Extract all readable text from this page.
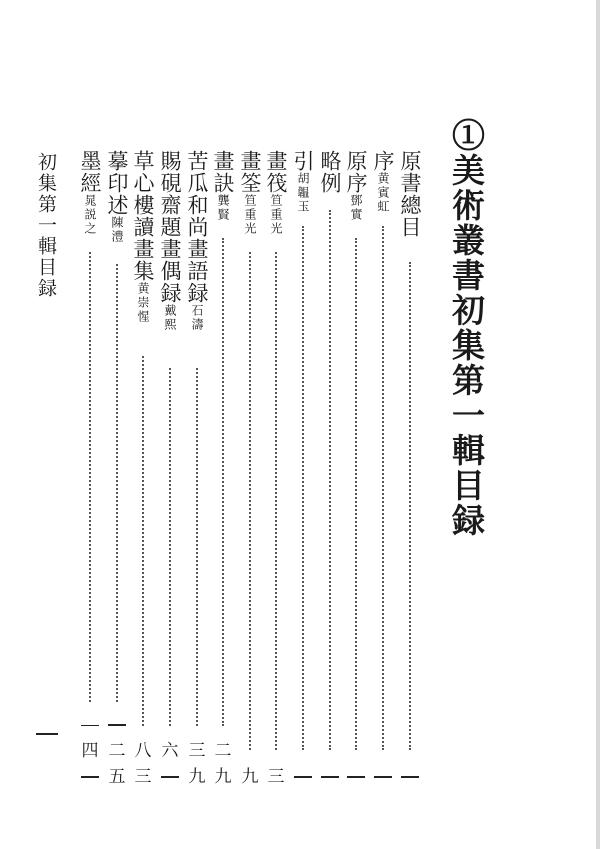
①美術叢書初集第一輯目録
初集第一輯目録	原書總目
序黄賓虹
原序鄧實
略例
引胡韞玉
畫筏笪重光
三
畫筌笪重光
九
畫訣龔賢
二
九
苦瓜和尚畫語録石濤
三
九
賜硯齋題畫偶録戴熙
六
草心樓讀畫集黄崇惺
八
三
摹印述陳澧
二
五
墨經晁説之
四
